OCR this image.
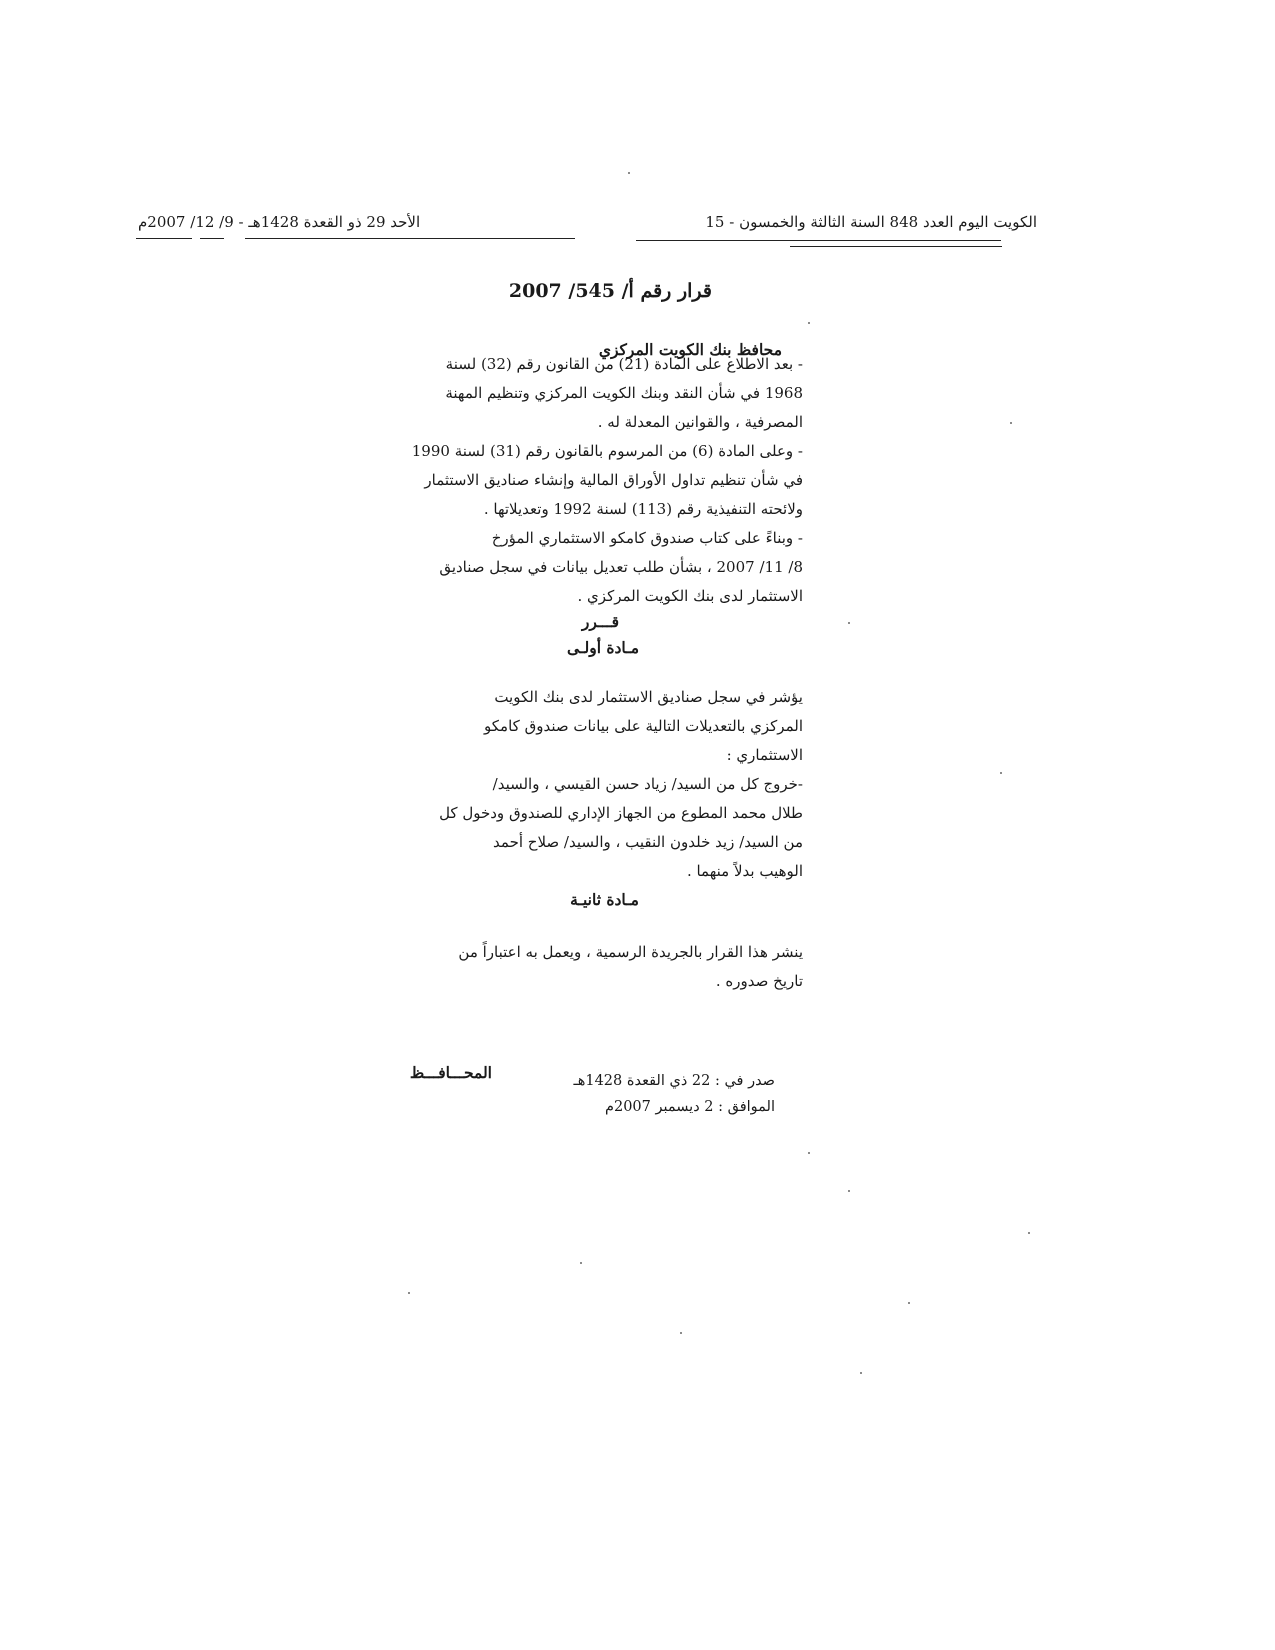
الكويت اليوم العدد 848 السنة الثالثة والخمسون - 15
الأحد 29 ذو القعدة 1428هـ - 9/ 12/ 2007م
قرار رقم أ/ 545/ 2007
محافظ بنك الكويت المركزي
- بعد الاطلاع على المادة (21) من القانون رقم (32) لسنة
1968 في شأن النقد وبنك الكويت المركزي وتنظيم المهنة
المصرفية ، والقوانين المعدلة له .
- وعلى المادة (6) من المرسوم بالقانون رقم (31) لسنة 1990
في شأن تنظيم تداول الأوراق المالية وإنشاء صناديق الاستثمار
ولائحته التنفيذية رقم (113) لسنة 1992 وتعديلاتها .
- وبناءً على كتاب صندوق كامكو الاستثماري المؤرخ
8/ 11/ 2007 ، بشأن طلب تعديل بيانات في سجل صناديق
الاستثمار لدى بنك الكويت المركزي .
قـــرر
مـادة أولـى
يؤشر في سجل صناديق الاستثمار لدى بنك الكويت
المركزي بالتعديلات التالية على بيانات صندوق كامكو
الاستثماري :
-خروج كل من السيد/ زياد حسن القيسي ، والسيد/
طلال محمد المطوع من الجهاز الإداري للصندوق ودخول كل
من السيد/ زيد خلدون النقيب ، والسيد/ صلاح أحمد
الوهيب بدلاً منهما .
مـادة ثانيـة
ينشر هذا القرار بالجريدة الرسمية ، ويعمل به اعتباراً من
تاريخ صدوره .
المحـــافـــظ	صدر في : 22 ذي القعدة 1428هـ
الموافق : 2 ديسمبر 2007م
